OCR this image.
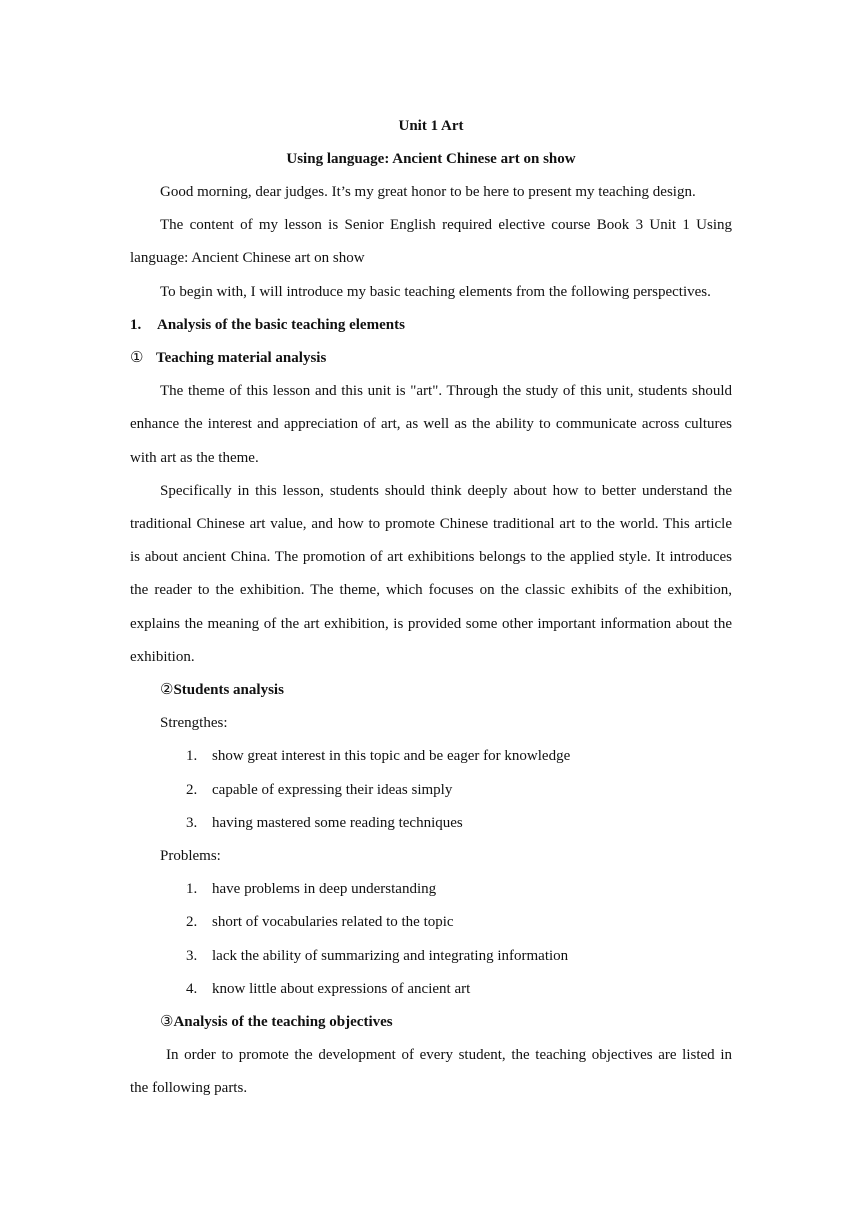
Unit 1 Art
Using language: Ancient Chinese art on show
Good morning, dear judges. It’s my great honor to be here to present my teaching design.
The content of my lesson is Senior English required elective course Book 3 Unit 1 Using
language: Ancient Chinese art on show
To begin with, I will introduce my basic teaching elements from the following perspectives.
1. Analysis of the basic teaching elements
① Teaching material analysis
The theme of this lesson and this unit is "art". Through the study of this unit, students should
enhance the interest and appreciation of art, as well as the ability to communicate across cultures
with art as the theme.
Specifically in this lesson, students should think deeply about how to better understand the
traditional Chinese art value, and how to promote Chinese traditional art to the world. This article
is about ancient China. The promotion of art exhibitions belongs to the applied style. It introduces
the reader to the exhibition. The theme, which focuses on the classic exhibits of the exhibition,
explains the meaning of the art exhibition, is provided some other important information about the
exhibition.
②Students analysis
Strengthes:
1. show great interest in this topic and be eager for knowledge
2. capable of expressing their ideas simply
3. having mastered some reading techniques
Problems:
1. have problems in deep understanding
2. short of vocabularies related to the topic
3. lack the ability of summarizing and integrating information
4. know little about expressions of ancient art
③Analysis of the teaching objectives
In order to promote the development of every student, the teaching objectives are listed in
the following parts.
